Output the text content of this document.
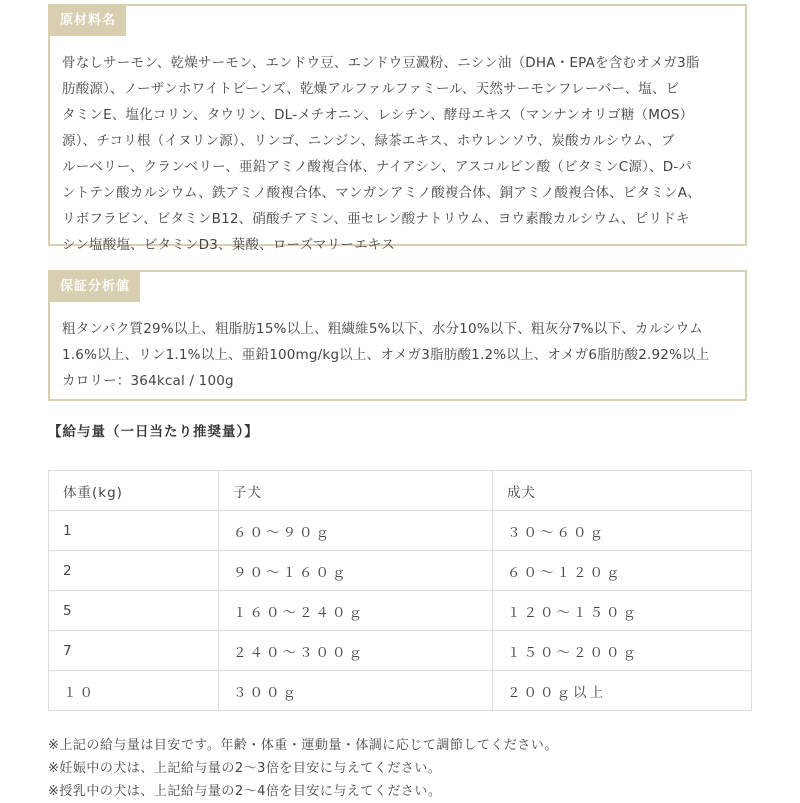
原材料名
骨なしサーモン、乾燥サーモン、エンドウ豆、エンドウ豆澱粉、ニシン油（DHA・EPAを含むオメガ3脂
肪酸源）、ノーザンホワイトビーンズ、乾燥アルファルファミール、天然サーモンフレーバー、塩、ビ
タミンE、塩化コリン、タウリン、DL-メチオニン、レシチン、酵母エキス（マンナンオリゴ糖（MOS）
源）、チコリ根（イヌリン源）、リンゴ、ニンジン、緑茶エキス、ホウレンソウ、炭酸カルシウム、ブ
ルーベリー、クランベリー、亜鉛アミノ酸複合体、ナイアシン、アスコルビン酸（ビタミンC源）、D-パ
ントテン酸カルシウム、鉄アミノ酸複合体、マンガンアミノ酸複合体、銅アミノ酸複合体、ビタミンA、
リボフラビン、ビタミンB12、硝酸チアミン、亜セレン酸ナトリウム、ヨウ素酸カルシウム、ピリドキ
シン塩酸塩、ビタミンD3、葉酸、ローズマリーエキス
保証分析値
粗タンパク質29%以上、粗脂肪15%以上、粗繊維5%以下、水分10%以下、粗灰分7%以下、カルシウム
1.6%以上、リン1.1%以上、亜鉛100mg/kg以上、オメガ3脂肪酸1.2%以上、オメガ6脂肪酸2.92%以上
カロリー：364kcal / 100g
【給与量（一日当たり推奨量）】
体重(kg)	子犬	成犬
1	６０～９０ｇ	３０～６０ｇ
2	９０～１６０ｇ	６０～１２０ｇ
5	１６０～２４０ｇ	１２０～１５０ｇ
7	２４０～３００ｇ	１５０～２００ｇ
１０	３００ｇ	２００ｇ以上
※上記の給与量は目安です。年齢・体重・運動量・体調に応じて調節してください。
※妊娠中の犬は、上記給与量の2～3倍を目安に与えてください。
※授乳中の犬は、上記給与量の2～4倍を目安に与えてください。
